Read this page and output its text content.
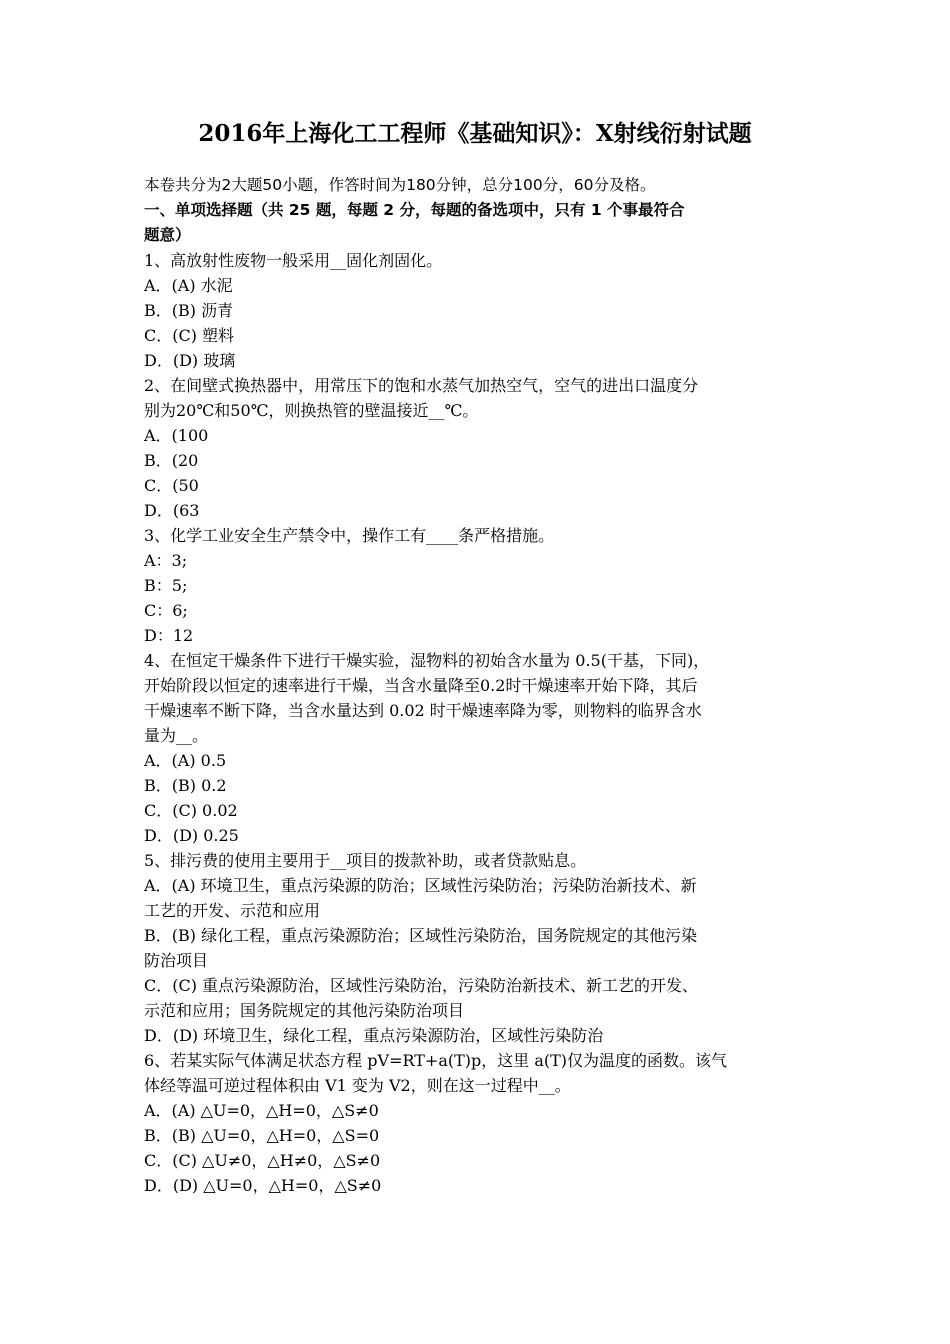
2016年上海化工工程师《基础知识》：X射线衍射试题
本卷共分为2大题50小题，作答时间为180分钟，总分100分，60分及格。
一、单项选择题（共 25 题，每题 2 分，每题的备选项中，只有 1 个事最符合
题意）
1、高放射性废物一般采用__固化剂固化。
A．(A) 水泥
B．(B) 沥青
C．(C) 塑料
D．(D) 玻璃
2、在间壁式换热器中，用常压下的饱和水蒸气加热空气，空气的进出口温度分
别为20℃和50℃，则换热管的壁温接近__℃。
A．(100
B．(20
C．(50
D．(63
3、化学工业安全生产禁令中，操作工有____条严格措施。
A：3;
B：5;
C：6;
D：12
4、在恒定干燥条件下进行干燥实验，湿物料的初始含水量为 0.5(干基，下同)，
开始阶段以恒定的速率进行干燥，当含水量降至0.2时干燥速率开始下降，其后
干燥速率不断下降，当含水量达到 0.02 时干燥速率降为零，则物料的临界含水
量为__。
A．(A) 0.5
B．(B) 0.2
C．(C) 0.02
D．(D) 0.25
5、排污费的使用主要用于__项目的拨款补助，或者贷款贴息。
A．(A) 环境卫生，重点污染源的防治；区域性污染防治；污染防治新技术、新
工艺的开发、示范和应用
B．(B) 绿化工程，重点污染源防治；区域性污染防治，国务院规定的其他污染
防治项目
C．(C) 重点污染源防治，区域性污染防治，污染防治新技术、新工艺的开发、
示范和应用；国务院规定的其他污染防治项目
D．(D) 环境卫生，绿化工程，重点污染源防治，区域性污染防治
6、若某实际气体满足状态方程 pV=RT+a(T)p，这里 a(T)仅为温度的函数。该气
体经等温可逆过程体积由 V1 变为 V2，则在这一过程中__。
A．(A) △U=0，△H=0，△S≠0
B．(B) △U=0，△H=0，△S=0
C．(C) △U≠0，△H≠0，△S≠0
D．(D) △U=0，△H=0，△S≠0
